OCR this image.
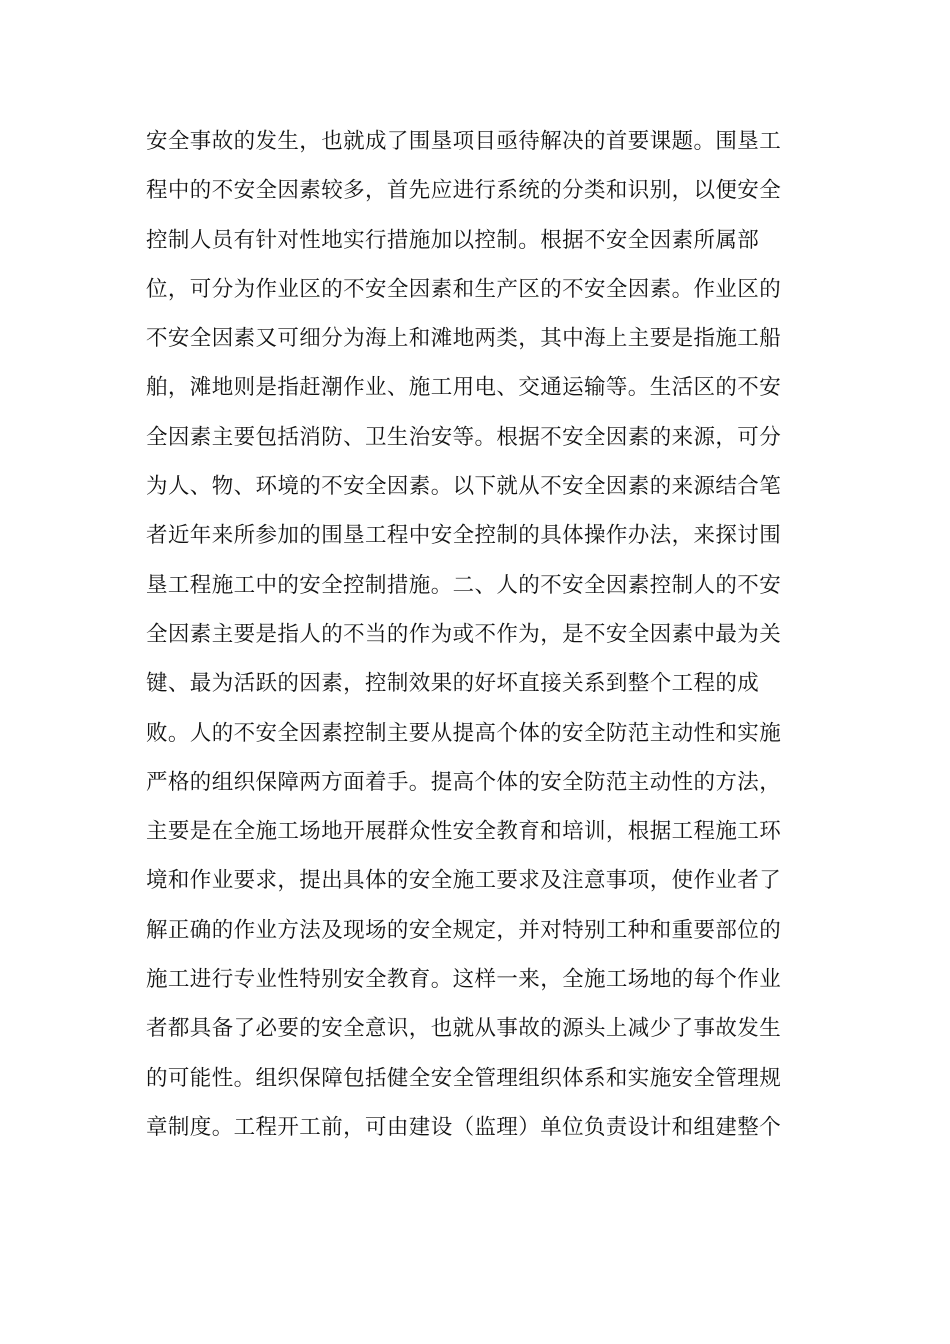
安全事故的发生，也就成了围垦项目亟待解决的首要课题。围垦工
程中的不安全因素较多，首先应进行系统的分类和识别，以便安全
控制人员有针对性地实行措施加以控制。根据不安全因素所属部
位，可分为作业区的不安全因素和生产区的不安全因素。作业区的
不安全因素又可细分为海上和滩地两类，其中海上主要是指施工船
舶，滩地则是指赶潮作业、施工用电、交通运输等。生活区的不安
全因素主要包括消防、卫生治安等。根据不安全因素的来源，可分
为人、物、环境的不安全因素。以下就从不安全因素的来源结合笔
者近年来所参加的围垦工程中安全控制的具体操作办法，来探讨围
垦工程施工中的安全控制措施。二、人的不安全因素控制人的不安
全因素主要是指人的不当的作为或不作为，是不安全因素中最为关
键、最为活跃的因素，控制效果的好坏直接关系到整个工程的成
败。人的不安全因素控制主要从提高个体的安全防范主动性和实施
严格的组织保障两方面着手。提高个体的安全防范主动性的方法，
主要是在全施工场地开展群众性安全教育和培训，根据工程施工环
境和作业要求，提出具体的安全施工要求及注意事项，使作业者了
解正确的作业方法及现场的安全规定，并对特别工种和重要部位的
施工进行专业性特别安全教育。这样一来，全施工场地的每个作业
者都具备了必要的安全意识，也就从事故的源头上减少了事故发生
的可能性。组织保障包括健全安全管理组织体系和实施安全管理规
章制度。工程开工前，可由建设（监理）单位负责设计和组建整个
